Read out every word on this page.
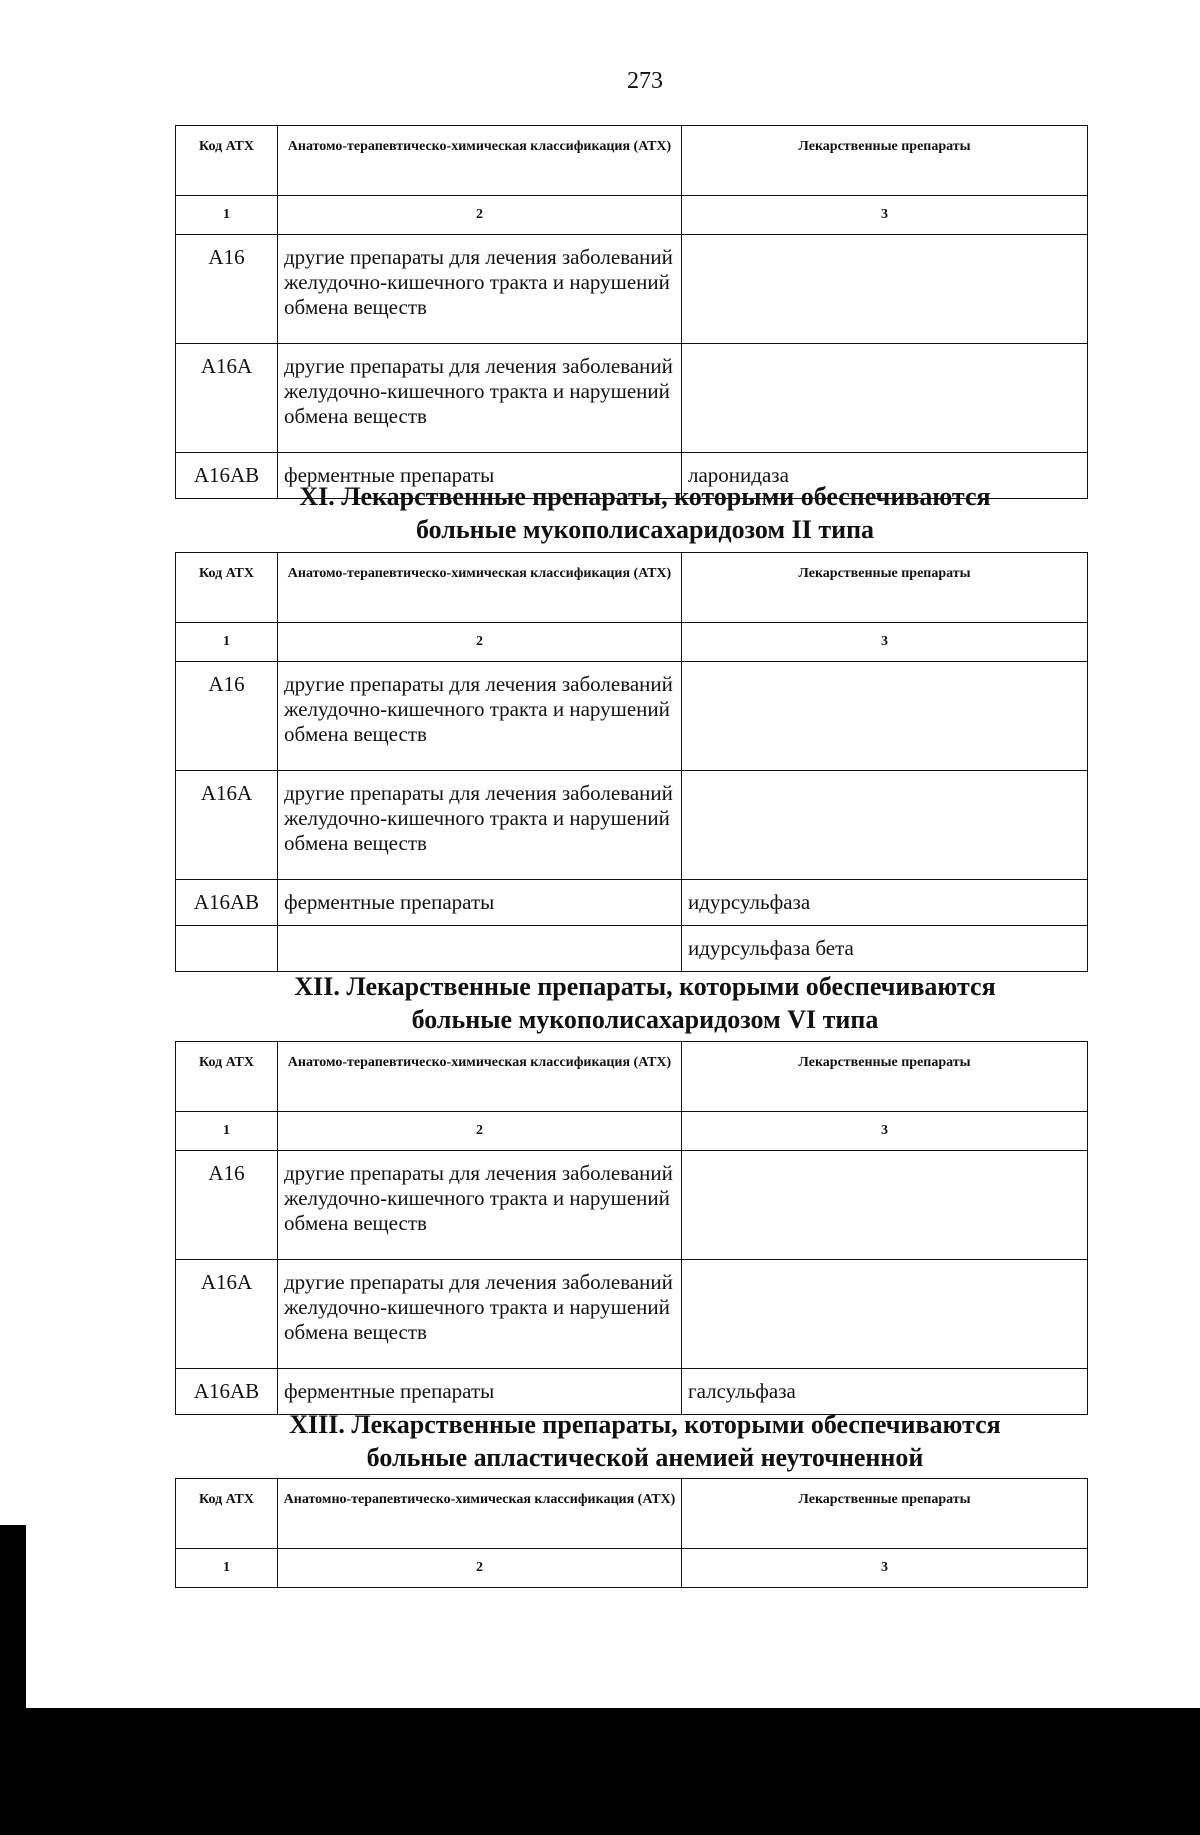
273
Код АТХ	Анатомо-терапевтическо-химическая классификация (АТХ)	Лекарственные препараты
1	2	3
A16	другие препараты для лечения заболеваний желудочно-кишечного тракта и нарушений обмена веществ	
A16A	другие препараты для лечения заболеваний желудочно-кишечного тракта и нарушений обмена веществ	
A16AB	ферментные препараты	ларонидаза
XI. Лекарственные препараты, которыми обеспечиваются
больные мукополисахаридозом II типа
Код АТХ	Анатомо-терапевтическо-химическая классификация (АТХ)	Лекарственные препараты
1	2	3
A16	другие препараты для лечения заболеваний желудочно-кишечного тракта и нарушений обмена веществ	
A16A	другие препараты для лечения заболеваний желудочно-кишечного тракта и нарушений обмена веществ	
A16AB	ферментные препараты	идурсульфаза
		идурсульфаза бета
XII. Лекарственные препараты, которыми обеспечиваются
больные мукополисахаридозом VI типа
Код АТХ	Анатомо-терапевтическо-химическая классификация (АТХ)	Лекарственные препараты
1	2	3
A16	другие препараты для лечения заболеваний желудочно-кишечного тракта и нарушений обмена веществ	
A16A	другие препараты для лечения заболеваний желудочно-кишечного тракта и нарушений обмена веществ	
A16AB	ферментные препараты	галсульфаза
XIII. Лекарственные препараты, которыми обеспечиваются
больные апластической анемией неуточненной
Код АТХ	Анатомно-терапевтическо-химическая классификация (АТХ)	Лекарственные препараты
1	2	3
